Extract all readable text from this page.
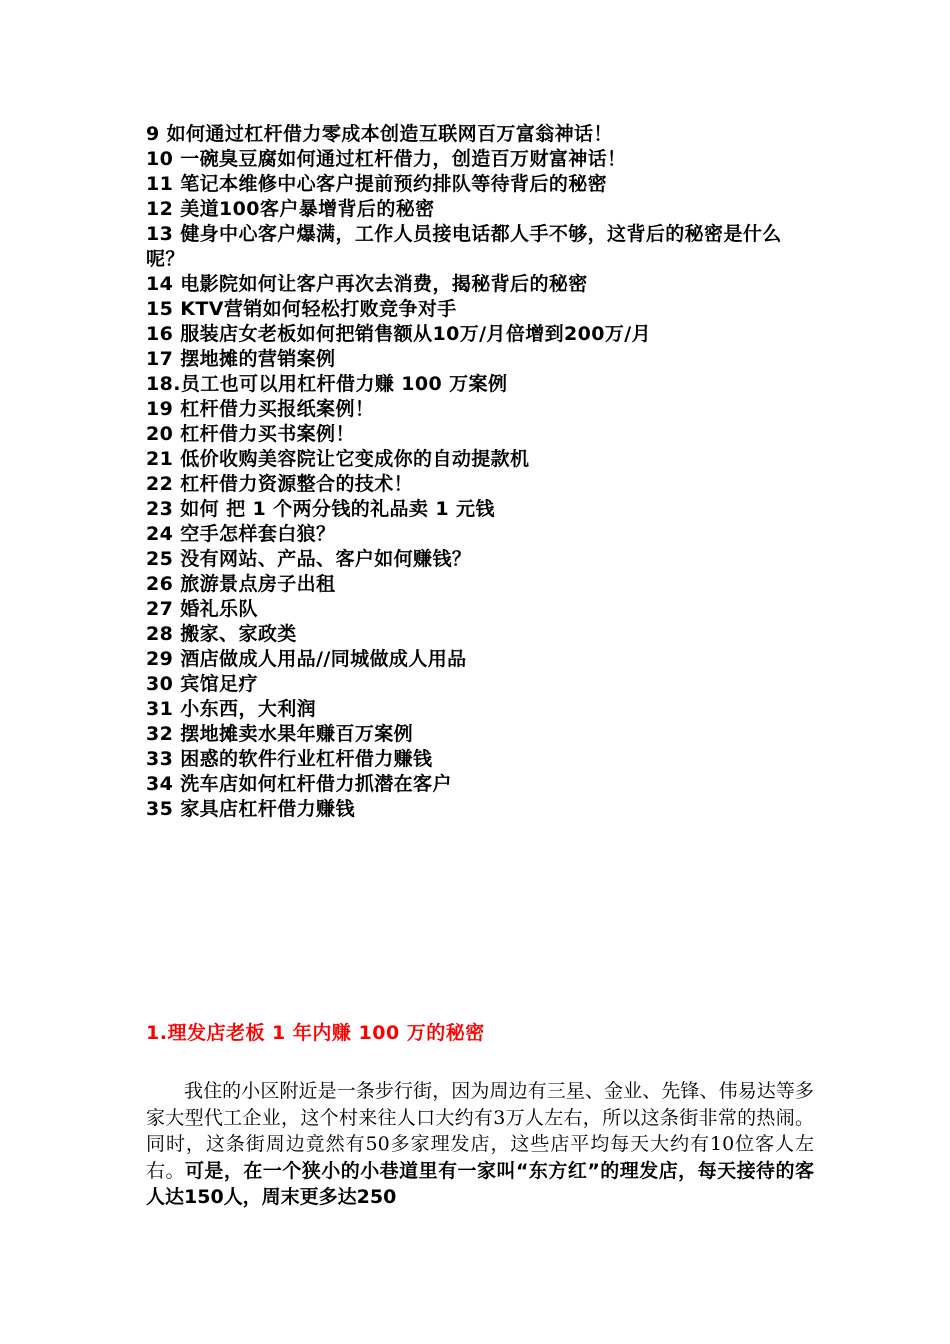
9 如何通过杠杆借力零成本创造互联网百万富翁神话！
10 一碗臭豆腐如何通过杠杆借力，创造百万财富神话！
11 笔记本维修中心客户提前预约排队等待背后的秘密
12 美道100客户暴增背后的秘密
13 健身中心客户爆满，工作人员接电话都人手不够，这背后的秘密是什么呢？
14 电影院如何让客户再次去消费，揭秘背后的秘密
15 KTV营销如何轻松打败竞争对手
16 服装店女老板如何把销售额从10万/月倍增到200万/月
17 摆地摊的营销案例
18.员工也可以用杠杆借力赚 100 万案例
19 杠杆借力买报纸案例！
20 杠杆借力买书案例！
21 低价收购美容院让它变成你的自动提款机
22 杠杆借力资源整合的技术！
23 如何 把 1 个两分钱的礼品卖 1 元钱
24 空手怎样套白狼？
25 没有网站、产品、客户如何赚钱？
26 旅游景点房子出租
27 婚礼乐队
28 搬家、家政类
29 酒店做成人用品//同城做成人用品
30 宾馆足疗
31 小东西，大利润
32 摆地摊卖水果年赚百万案例
33 困惑的软件行业杠杆借力赚钱
34 洗车店如何杠杆借力抓潜在客户
35 家具店杠杆借力赚钱
1.理发店老板 1 年内赚 100 万的秘密

我住的小区附近是一条步行街，因为周边有三星、金业、先锋、伟易达等多家大型代工企业，这个村来往人口大约有3万人左右，所以这条街非常的热闹。同时，这条街周边竟然有50多家理发店，这些店平均每天大约有10位客人左右。可是，在一个狭小的小巷道里有一家叫“东方红”的理发店，每天接待的客人达150人，周末更多达250
